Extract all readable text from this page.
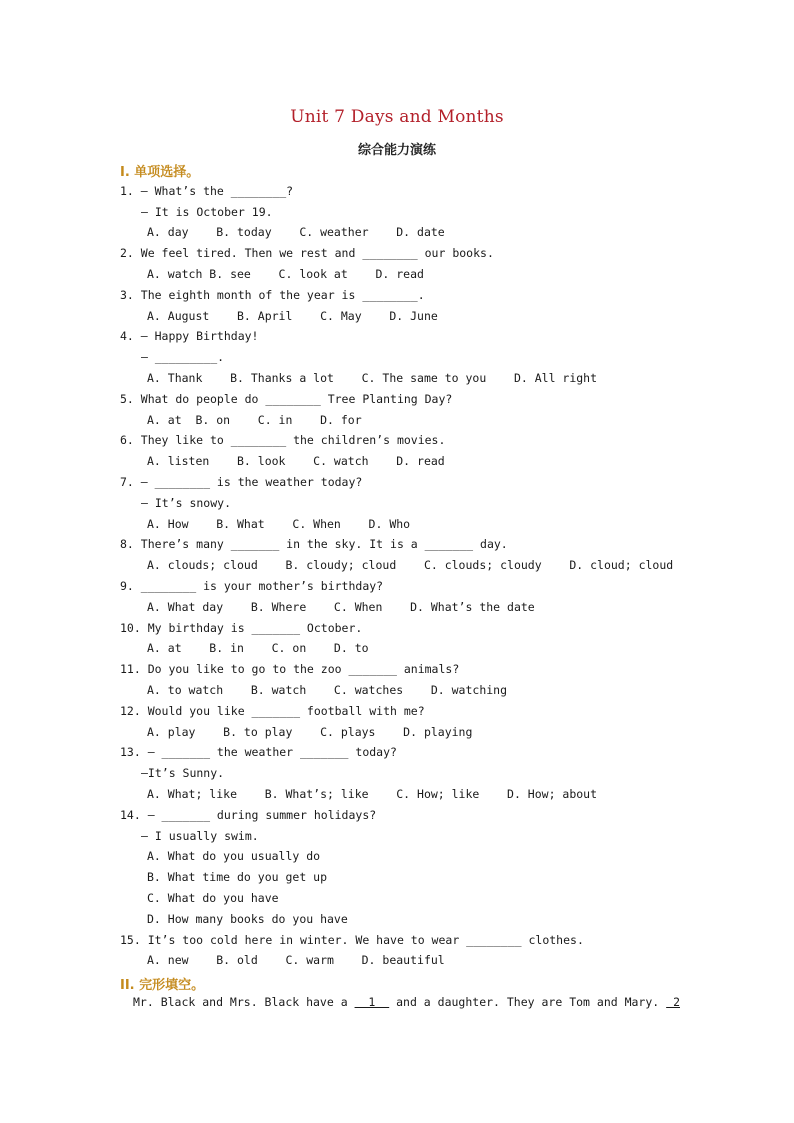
Unit 7 Days and Months
综合能力演练
I. 单项选择。
1. — What’s the ________?
— It is October 19.
A. day    B. today    C. weather    D. date
2. We feel tired. Then we rest and ________ our books.
A. watch B. see    C. look at    D. read
3. The eighth month of the year is ________.
A. August    B. April    C. May    D. June
4. — Happy Birthday!
— _________.
A. Thank    B. Thanks a lot    C. The same to you    D. All right
5. What do people do ________ Tree Planting Day?
A. at  B. on    C. in    D. for
6. They like to ________ the children’s movies.
A. listen    B. look    C. watch    D. read
7. — ________ is the weather today?
— It’s snowy.
A. How    B. What    C. When    D. Who
8. There’s many _______ in the sky. It is a _______ day.
A. clouds; cloud    B. cloudy; cloud    C. clouds; cloudy    D. cloud; cloud
9. ________ is your mother’s birthday?
A. What day    B. Where    C. When    D. What’s the date
10. My birthday is _______ October.
A. at    B. in    C. on    D. to
11. Do you like to go to the zoo _______ animals?
A. to watch    B. watch    C. watches    D. watching
12. Would you like _______ football with me?
A. play    B. to play    C. plays    D. playing
13. — _______ the weather _______ today?
—It’s Sunny.
A. What; like    B. What’s; like    C. How; like    D. How; about
14. — _______ during summer holidays?
— I usually swim.
A. What do you usually do
B. What time do you get up
C. What do you have
D. How many books do you have
15. It’s too cold here in winter. We have to wear ________ clothes.
A. new    B. old    C. warm    D. beautiful
II. 完形填空。
Mr. Black and Mrs. Black have a   1   and a daughter. They are Tom and Mary.  2
